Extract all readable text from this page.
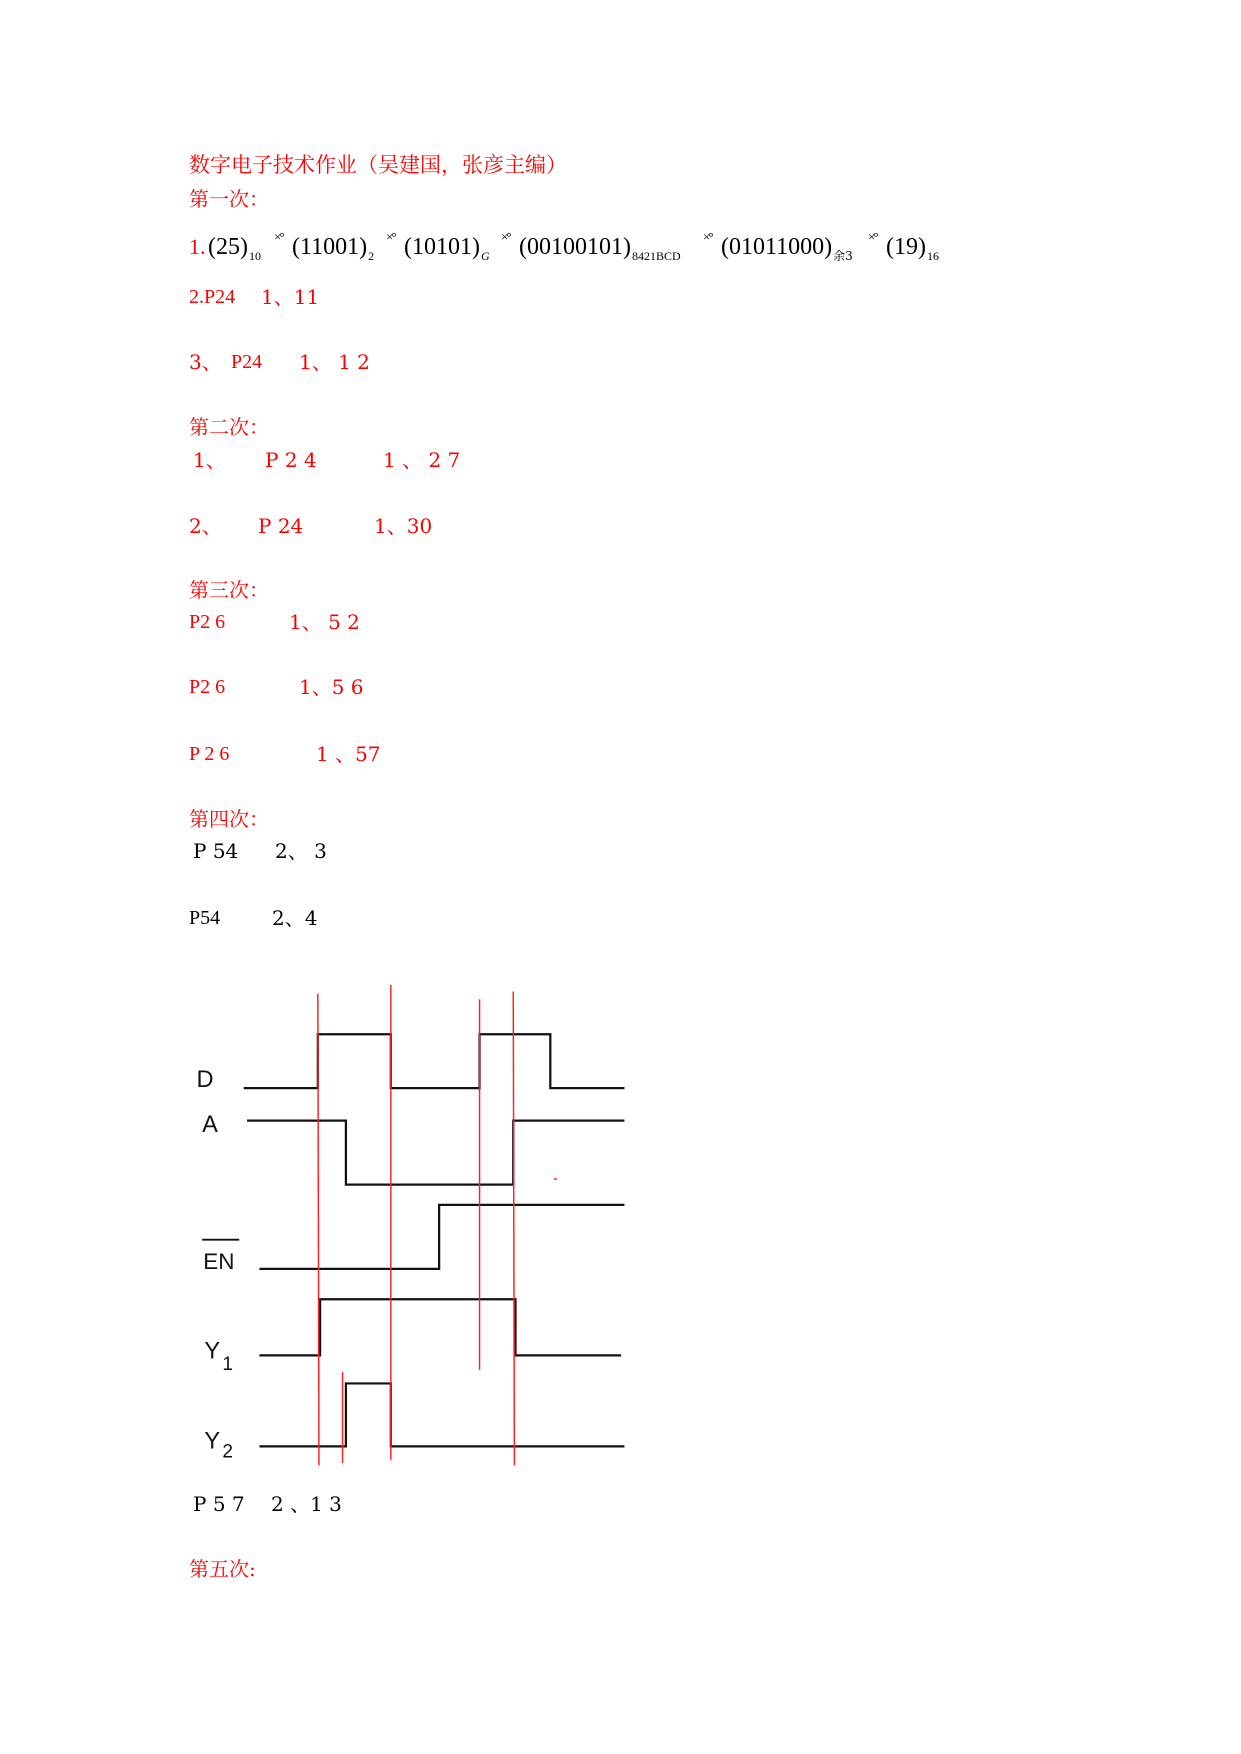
数字电子技术作业（吴建国，张彦主编）
第一次：
1. $(25)_{10}$
×° $(11001)_2$
×° $(10101)_G$
×° $(00100101)_{8421BCD}$
×° $(01011000)_{余3}$
×° $(19)_{16}$
2.P24 1、11
3、 P24 1、 1 2
第二次：
1、 P 2 4	1 、 2 7
2、 P 24	1、30
第三次：
P2 6	1、 5 2
P2 6	1、5 6
P 2 6	1 、57
第四次：
P 54 2、 3
P54	2、4
D
A
EN
Y
1
Y 2
P 5 7 2 、1 3
第五次:
